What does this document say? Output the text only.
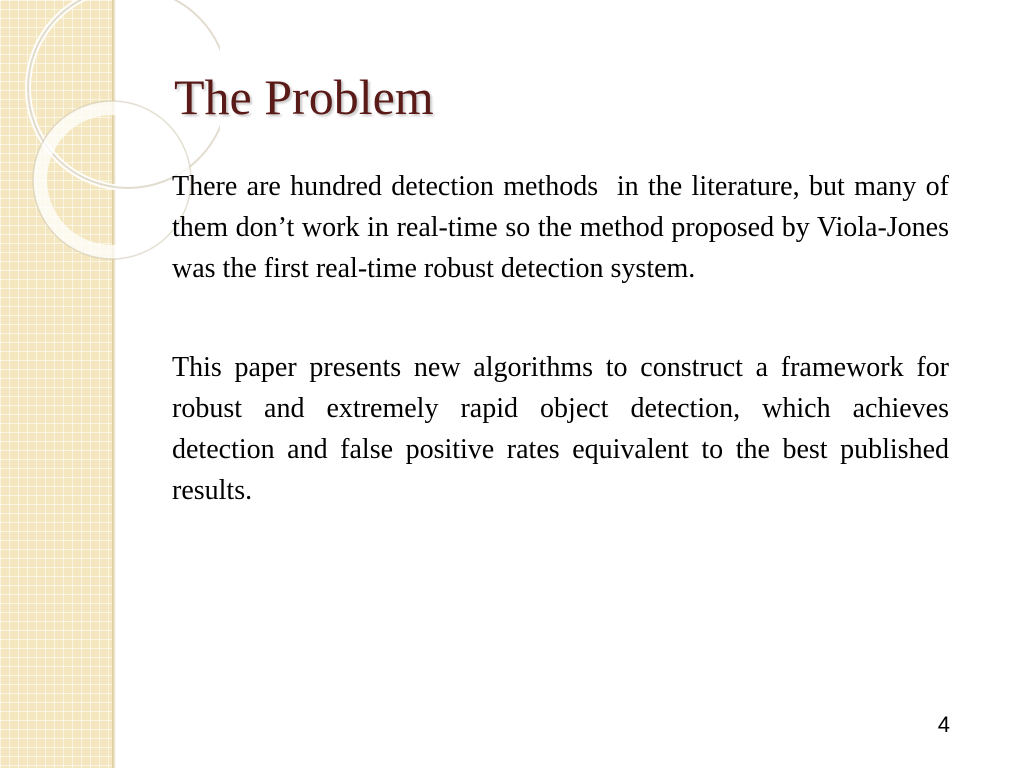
The Problem

There are hundred detection methods  in the literature, but many of them don’t work in real-time so the method proposed by Viola-Jones was the first real-time robust detection system.

This paper presents new algorithms to construct a framework for robust and extremely rapid object detection, which achieves detection and false positive rates equivalent to the best published results.

4
